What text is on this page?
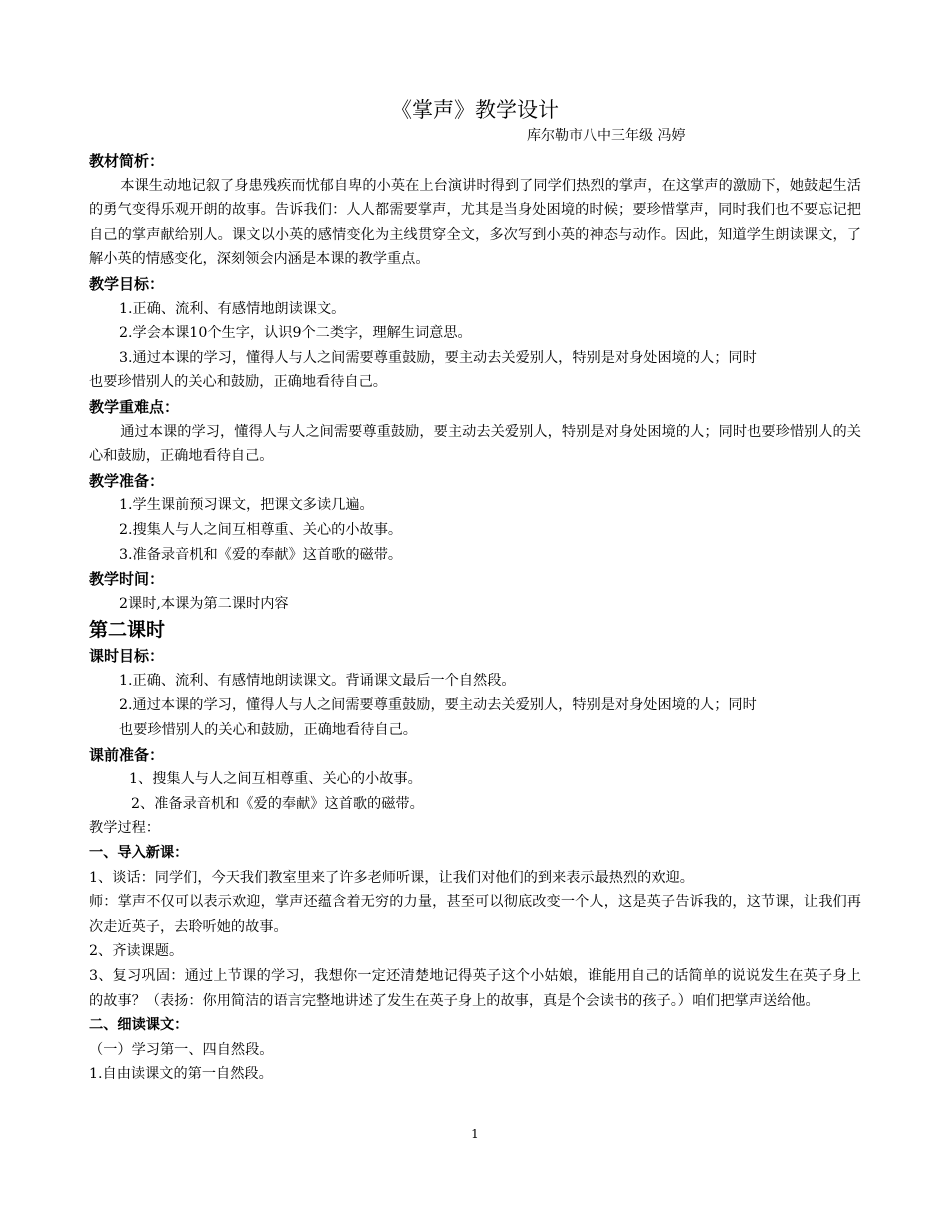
《掌声》教学设计
库尔勒市八中三年级 冯婷

教材简析：

本课生动地记叙了身患残疾而忧郁自卑的小英在上台演讲时得到了同学们热烈的掌声，在这掌声的激励下，她鼓起生活的勇气变得乐观开朗的故事。告诉我们：人人都需要掌声，尤其是当身处困境的时候；要珍惜掌声，同时我们也不要忘记把自己的掌声献给别人。课文以小英的感情变化为主线贯穿全文，多次写到小英的神态与动作。因此，知道学生朗读课文，了解小英的情感变化，深刻领会内涵是本课的教学重点。

教学目标：

1.正确、流利、有感情地朗读课文。

2.学会本课10个生字，认识9个二类字，理解生词意思。

3.通过本课的学习，懂得人与人之间需要尊重鼓励，要主动去关爱别人，特别是对身处困境的人；同时

也要珍惜别人的关心和鼓励，正确地看待自己。

教学重难点：

通过本课的学习，懂得人与人之间需要尊重鼓励，要主动去关爱别人，特别是对身处困境的人；同时也要珍惜别人的关心和鼓励，正确地看待自己。

教学准备：

1.学生课前预习课文，把课文多读几遍。

2.搜集人与人之间互相尊重、关心的小故事。

3.准备录音机和《爱的奉献》这首歌的磁带。

教学时间：

2课时,本课为第二课时内容

第二课时

课时目标：

1.正确、流利、有感情地朗读课文。背诵课文最后一个自然段。

2.通过本课的学习，懂得人与人之间需要尊重鼓励，要主动去关爱别人，特别是对身处困境的人；同时

也要珍惜别人的关心和鼓励，正确地看待自己。

课前准备：

1、搜集人与人之间互相尊重、关心的小故事。

2、准备录音机和《爱的奉献》这首歌的磁带。

教学过程：

一、导入新课：

1、谈话：同学们，今天我们教室里来了许多老师听课，让我们对他们的到来表示最热烈的欢迎。

师：掌声不仅可以表示欢迎，掌声还蕴含着无穷的力量，甚至可以彻底改变一个人，这是英子告诉我的，这节课，让我们再次走近英子，去聆听她的故事。

2、齐读课题。

3、复习巩固：通过上节课的学习，我想你一定还清楚地记得英子这个小姑娘，谁能用自己的话简单的说说发生在英子身上的故事？（表扬：你用简洁的语言完整地讲述了发生在英子身上的故事，真是个会读书的孩子。）咱们把掌声送给他。

二、细读课文：

（一）学习第一、四自然段。

1.自由读课文的第一自然段。

1
